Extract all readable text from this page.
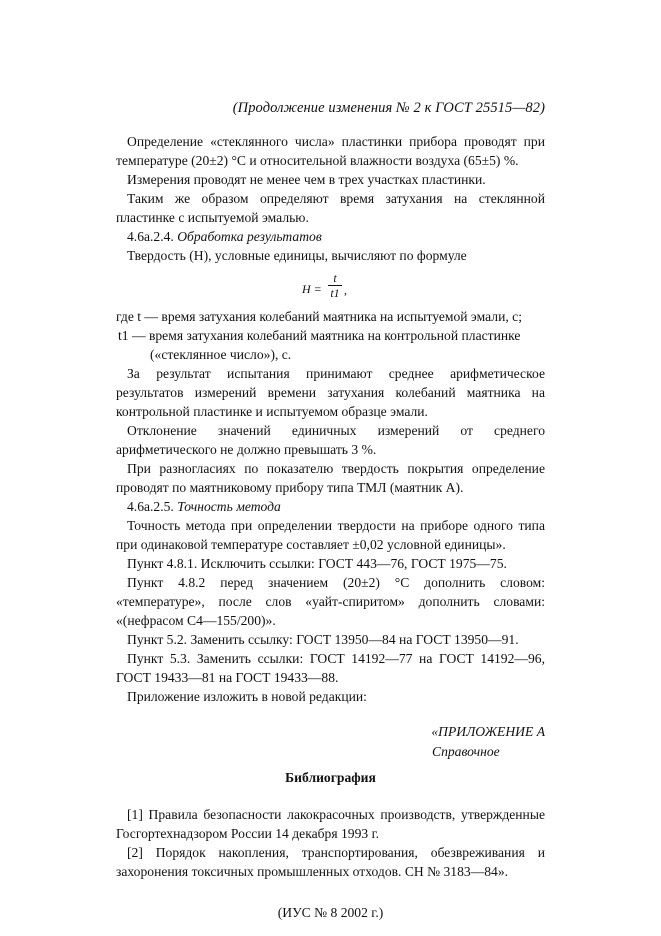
(Продолжение изменения № 2 к ГОСТ 25515—82)

Определение «стеклянного числа» пластинки прибора проводят при температуре (20±2) °С и относительной влажности воздуха (65±5) %.

Измерения проводят не менее чем в трех участках пластинки.

Таким же образом определяют время затухания на стеклянной пластинке с испытуемой эмалью.

4.6а.2.4. Обработка результатов

Твердость (H), условные единицы, вычисляют по формуле

$H = \frac{t}{t1}$ ,

где t — время затухания колебаний маятника на испытуемой эмали, с;

t1 — время затухания колебаний маятника на контрольной пластинке

(«стеклянное число»), с.

За результат испытания принимают среднее арифметическое результатов измерений времени затухания колебаний маятника на контрольной пластинке и испытуемом образце эмали.

Отклонение значений единичных измерений от среднего арифметического не должно превышать 3 %.

При разногласиях по показателю твердость покрытия определение проводят по маятниковому прибору типа ТМЛ (маятник А).

4.6а.2.5. Точность метода

Точность метода при определении твердости на приборе одного типа при одинаковой температуре составляет ±0,02 условной единицы».

Пункт 4.8.1. Исключить ссылки: ГОСТ 443—76, ГОСТ 1975—75.

Пункт 4.8.2 перед значением (20±2) °С дополнить словом: «температуре», после слов «уайт-спиритом» дополнить словами: «(нефрасом С4—155/200)».

Пункт 5.2. Заменить ссылку: ГОСТ 13950—84 на ГОСТ 13950—91.

Пункт 5.3. Заменить ссылки: ГОСТ 14192—77 на ГОСТ 14192—96, ГОСТ 19433—81 на ГОСТ 19433—88.

Приложение изложить в новой редакции:

«ПРИЛОЖЕНИЕ А
Справочное
Библиография

[1] Правила безопасности лакокрасочных производств, утвержденные Госгортехнадзором России 14 декабря 1993 г.

[2] Порядок накопления, транспортирования, обезвреживания и захоронения токсичных промышленных отходов. СН № 3183—84».

(ИУС № 8 2002 г.)
